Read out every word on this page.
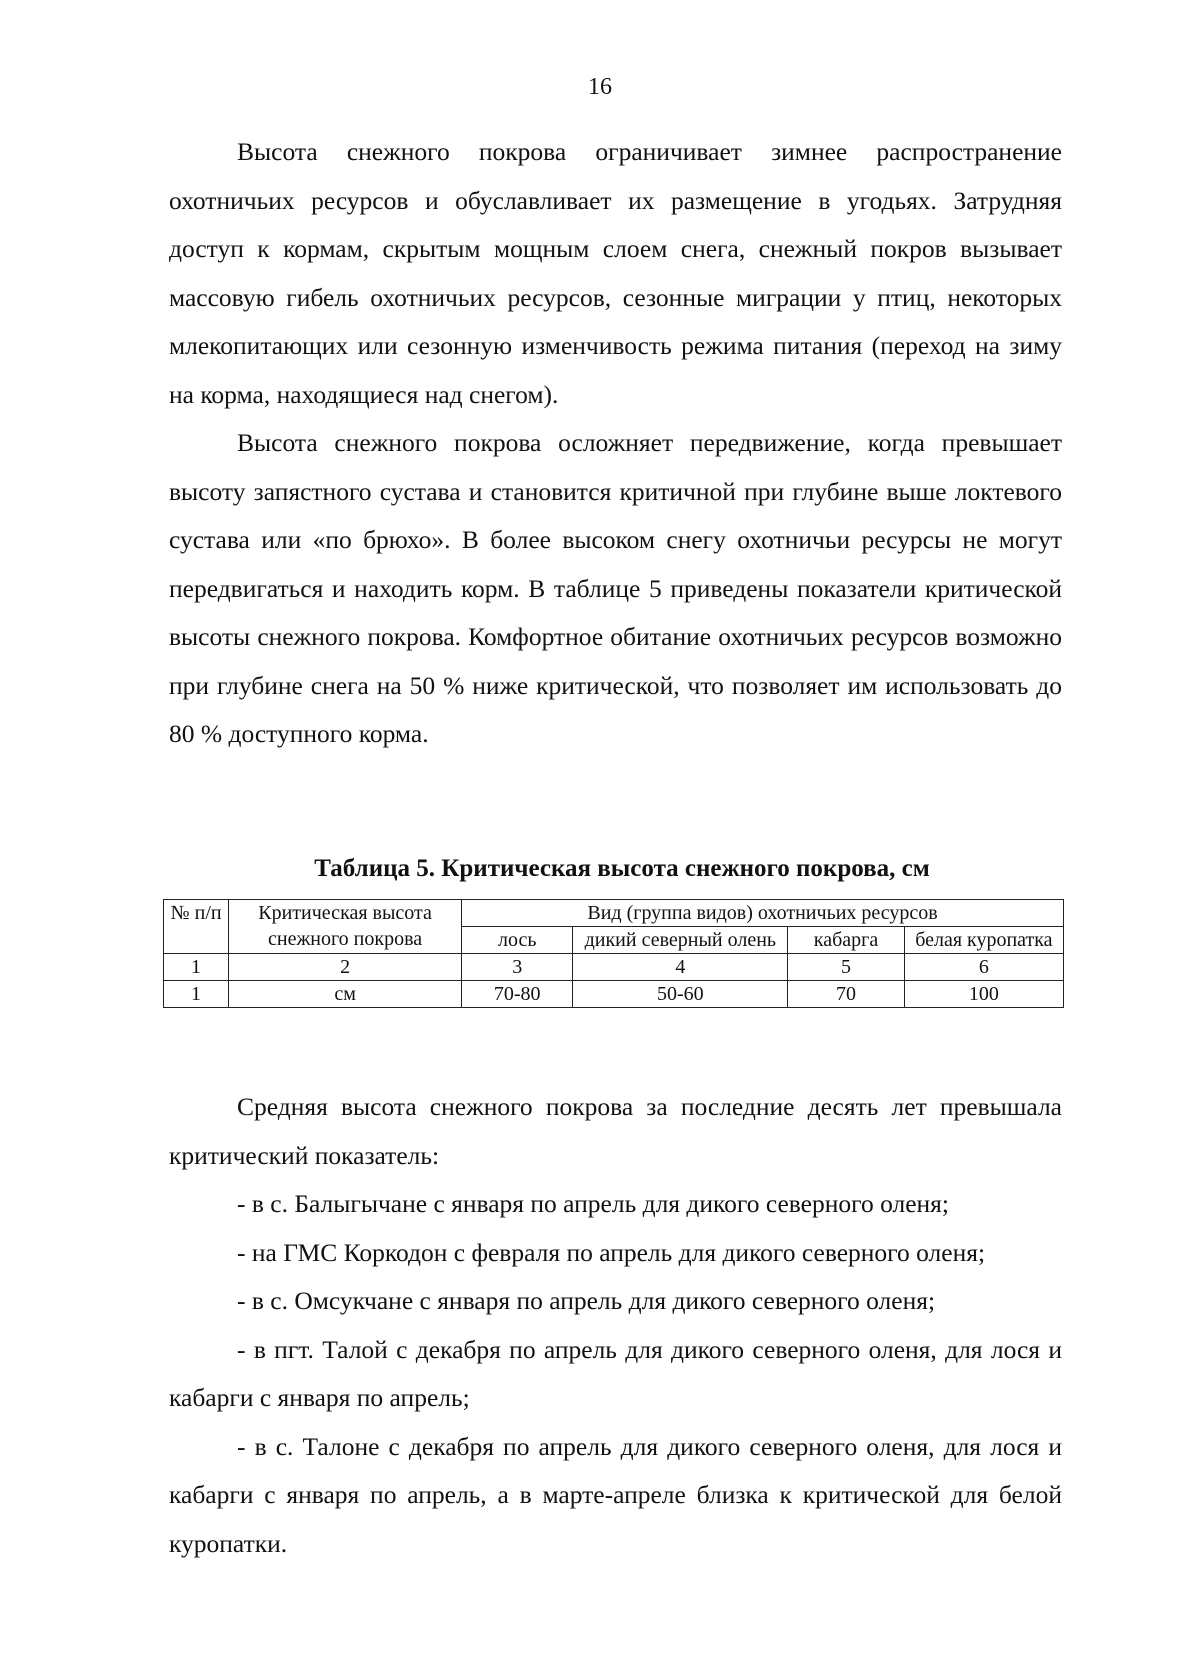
16

Высота снежного покрова ограничивает зимнее распространение охотничьих ресурсов и обуславливает их размещение в угодьях. Затрудняя доступ к кормам, скрытым мощным слоем снега, снежный покров вызывает массовую гибель охотничьих ресурсов, сезонные миграции у птиц, некоторых млекопитающих или сезонную изменчивость режима питания (переход на зиму на корма, находящиеся над снегом).

Высота снежного покрова осложняет передвижение, когда превышает высоту запястного сустава и становится критичной при глубине выше локтевого сустава или «по брюхо». В более высоком снегу охотничьи ресурсы не могут передвигаться и находить корм. В таблице 5 приведены показатели критической высоты снежного покрова. Комфортное обитание охотничьих ресурсов возможно при глубине снега на 50 % ниже критической, что позволяет им использовать до 80 % доступного корма.

Таблица 5. Критическая высота снежного покрова, см
№ п/п	Критическая высота снежного покрова	Вид (группа видов) охотничьих ресурсов			
		лось	дикий северный олень	кабарга	белая куропатка
1	2	3	4	5	6
1	см	70-80	50-60	70	100

Средняя высота снежного покрова за последние десять лет превышала критический показатель:

- в с. Балыгычане с января по апрель для дикого северного оленя;

- на ГМС Коркодон с февраля по апрель для дикого северного оленя;

- в с. Омсукчане с января по апрель для дикого северного оленя;

- в пгт. Талой с декабря по апрель для дикого северного оленя, для лося и кабарги с января по апрель;

- в с. Талоне с декабря по апрель для дикого северного оленя, для лося и кабарги с января по апрель, а в марте-апреле близка к критической для белой куропатки.
